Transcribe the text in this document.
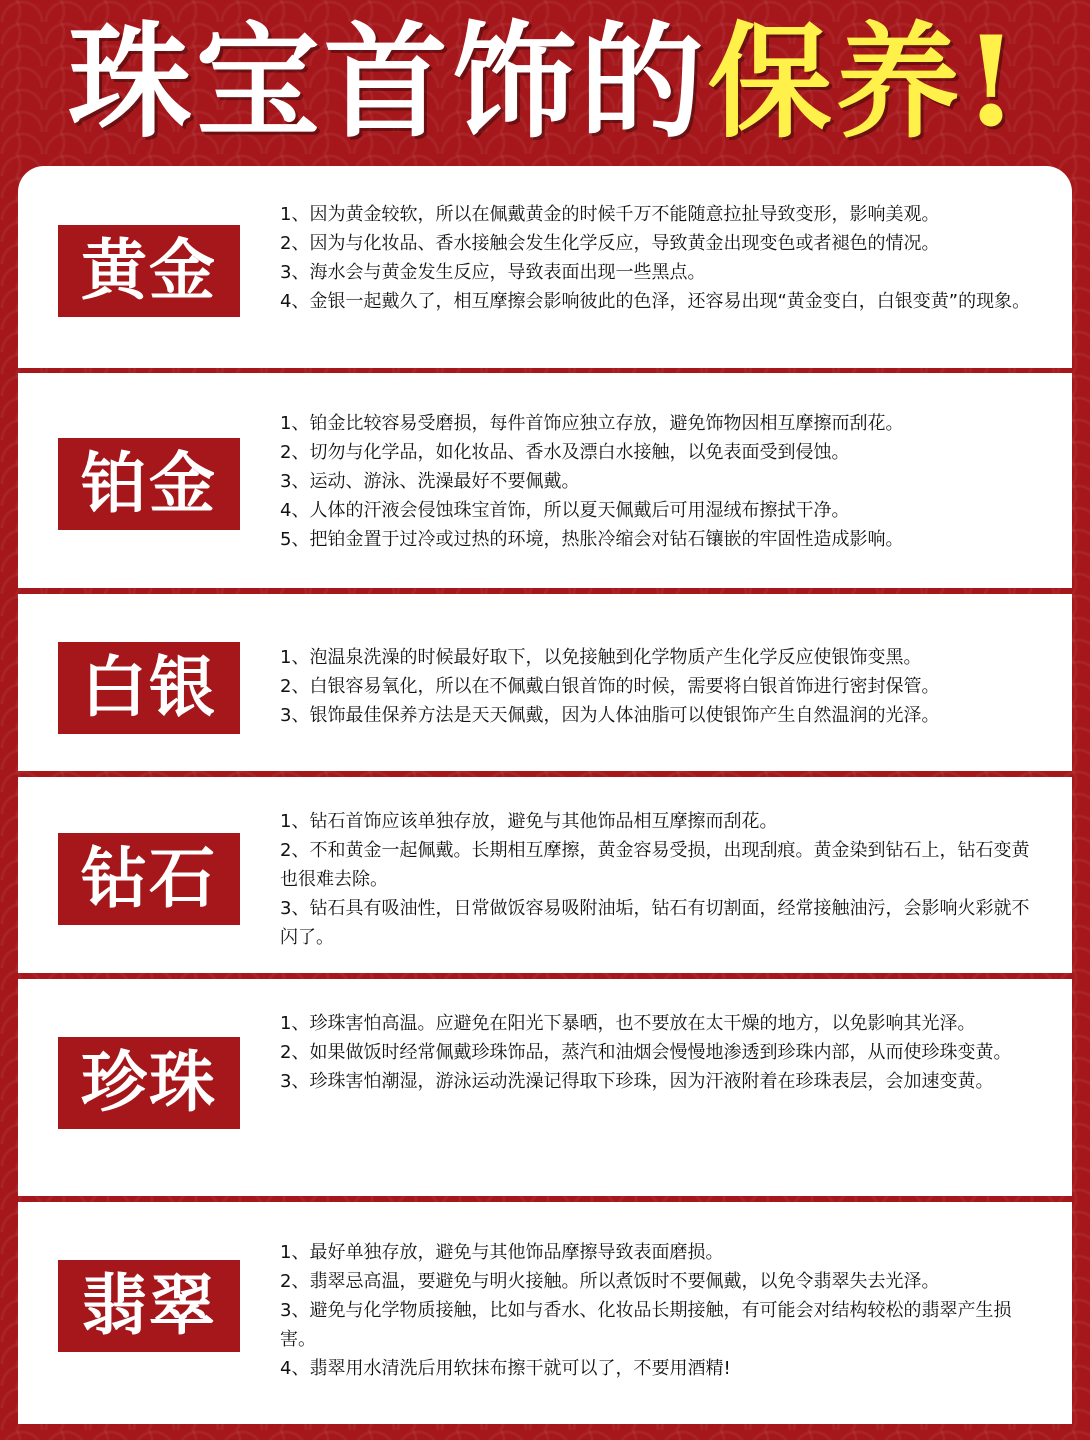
珠宝首饰的保养!
黄金
1、因为黄金较软，所以在佩戴黄金的时候千万不能随意拉扯导致变形，影响美观。
2、因为与化妆品、香水接触会发生化学反应，导致黄金出现变色或者褪色的情况。
3、海水会与黄金发生反应，导致表面出现一些黑点。
4、金银一起戴久了，相互摩擦会影响彼此的色泽，还容易出现“黄金变白，白银变黄”的现象。
铂金
1、铂金比较容易受磨损，每件首饰应独立存放，避免饰物因相互摩擦而刮花。
2、切勿与化学品，如化妆品、香水及漂白水接触，以免表面受到侵蚀。
3、运动、游泳、洗澡最好不要佩戴。
4、人体的汗液会侵蚀珠宝首饰，所以夏天佩戴后可用湿绒布擦拭干净。
5、把铂金置于过冷或过热的环境，热胀冷缩会对钻石镶嵌的牢固性造成影响。
白银	1、泡温泉洗澡的时候最好取下，以免接触到化学物质产生化学反应使银饰变黑。
2、白银容易氧化，所以在不佩戴白银首饰的时候，需要将白银首饰进行密封保管。
3、银饰最佳保养方法是天天佩戴，因为人体油脂可以使银饰产生自然温润的光泽。
钻石
1、钻石首饰应该单独存放，避免与其他饰品相互摩擦而刮花。
2、不和黄金一起佩戴。长期相互摩擦，黄金容易受损，出现刮痕。黄金染到钻石上，钻石变黄也很难去除。
3、钻石具有吸油性，日常做饭容易吸附油垢，钻石有切割面，经常接触油污，会影响火彩就不闪了。
珍珠
1、珍珠害怕高温。应避免在阳光下暴晒，也不要放在太干燥的地方，以免影响其光泽。
2、如果做饭时经常佩戴珍珠饰品，蒸汽和油烟会慢慢地渗透到珍珠内部，从而使珍珠变黄。
3、珍珠害怕潮湿，游泳运动洗澡记得取下珍珠，因为汗液附着在珍珠表层，会加速变黄。
翡翠
1、最好单独存放，避免与其他饰品摩擦导致表面磨损。
2、翡翠忌高温，要避免与明火接触。所以煮饭时不要佩戴，以免令翡翠失去光泽。
3、避免与化学物质接触，比如与香水、化妆品长期接触，有可能会对结构较松的翡翠产生损害。
4、翡翠用水清洗后用软抹布擦干就可以了，不要用酒精!
